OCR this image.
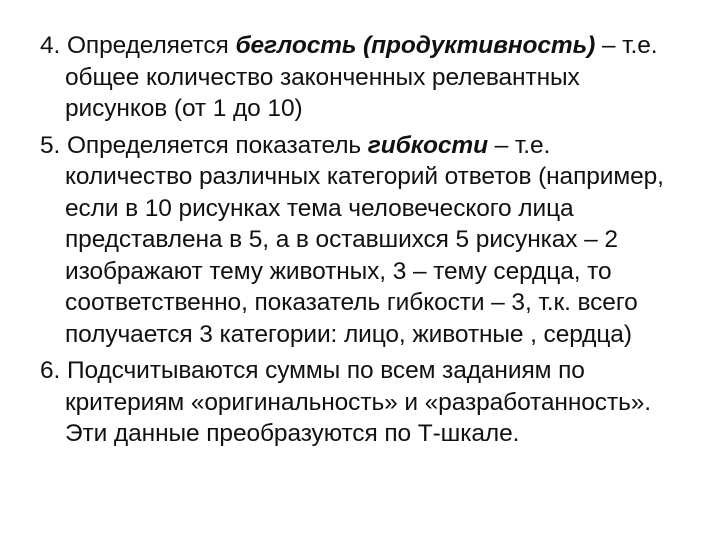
4. Определяется беглость (продуктивность) – т.е. общее количество законченных релевантных рисунков (от 1 до 10)

5. Определяется показатель гибкости – т.е. количество различных категорий ответов (например, если в 10 рисунках тема человеческого лица представлена в 5, а в оставшихся 5 рисунках – 2 изображают тему животных, 3 – тему сердца, то соответственно, показатель гибкости – 3, т.к. всего получается 3 категории: лицо, животные , сердца)

6. Подсчитываются суммы по всем заданиям по критериям «оригинальность» и «разработанность». Эти данные преобразуются по Т-шкале.
